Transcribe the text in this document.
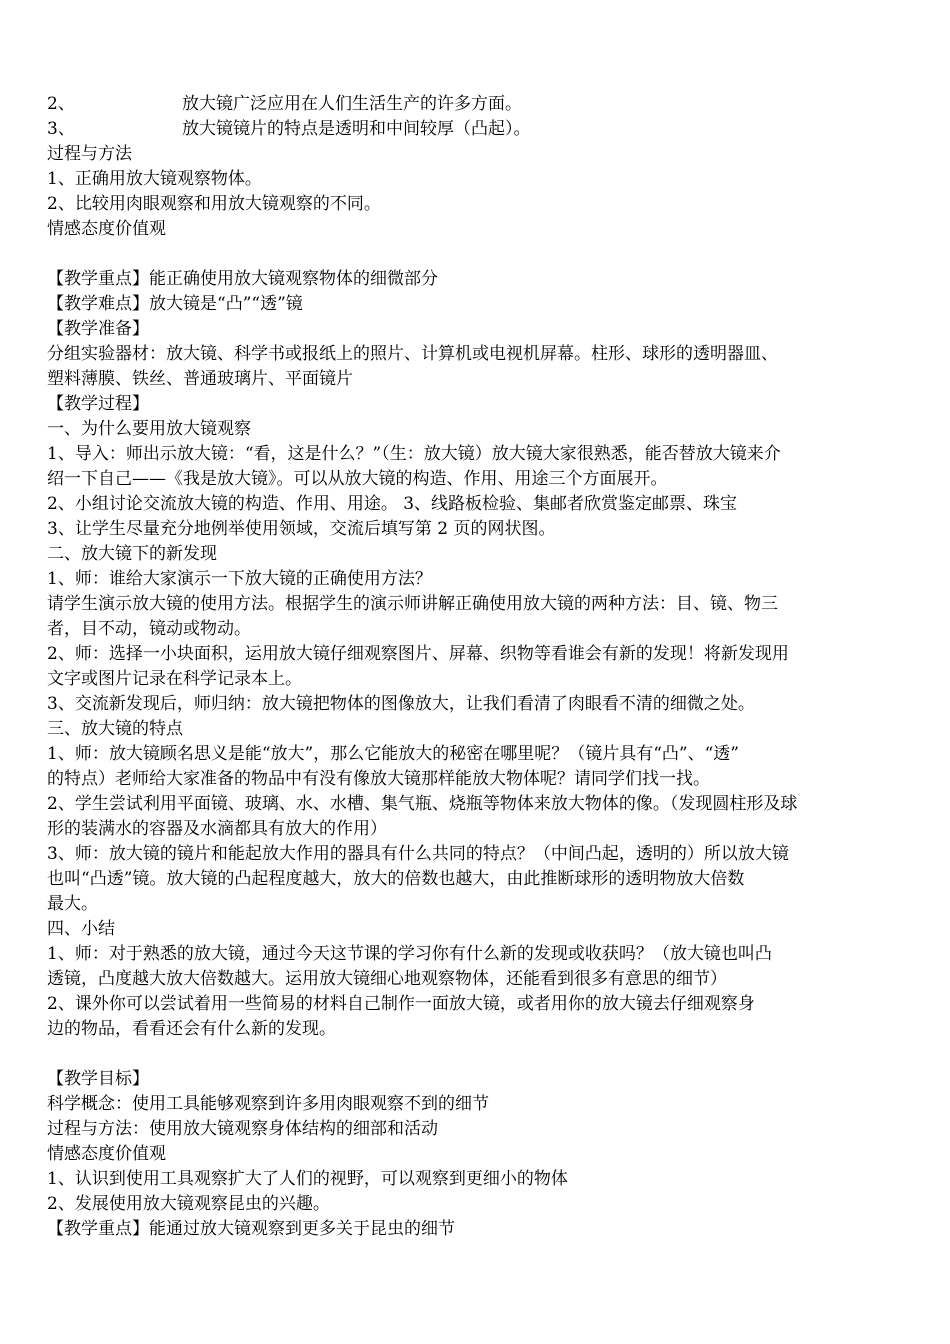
2、	放大镜广泛应用在人们生活生产的许多方面。
3、	放大镜镜片的特点是透明和中间较厚（凸起）。
过程与方法
1、正确用放大镜观察物体。
2、比较用肉眼观察和用放大镜观察的不同。
情感态度价值观
【教学重点】能正确使用放大镜观察物体的细微部分
【教学难点】放大镜是“凸”“透”镜
【教学准备】
分组实验器材：放大镜、科学书或报纸上的照片、计算机或电视机屏幕。柱形、球形的透明器皿、
塑料薄膜、铁丝、普通玻璃片、平面镜片
【教学过程】
一、为什么要用放大镜观察
1、导入：师出示放大镜：“看，这是什么？”（生：放大镜）放大镜大家很熟悉，能否替放大镜来介
绍一下自己——《我是放大镜》。可以从放大镜的构造、作用、用途三个方面展开。
2、小组讨论交流放大镜的构造、作用、用途。 3、线路板检验、集邮者欣赏鉴定邮票、珠宝
3、让学生尽量充分地例举使用领域，交流后填写第 2 页的网状图。
二、放大镜下的新发现
1、师：谁给大家演示一下放大镜的正确使用方法？
请学生演示放大镜的使用方法。根据学生的演示师讲解正确使用放大镜的两种方法：目、镜、物三
者，目不动，镜动或物动。
2、师：选择一小块面积，运用放大镜仔细观察图片、屏幕、织物等看谁会有新的发现！将新发现用
文字或图片记录在科学记录本上。
3、交流新发现后，师归纳：放大镜把物体的图像放大，让我们看清了肉眼看不清的细微之处。
三、放大镜的特点
1、师：放大镜顾名思义是能“放大”，那么它能放大的秘密在哪里呢？（镜片具有“凸”、“透”
的特点）老师给大家准备的物品中有没有像放大镜那样能放大物体呢？请同学们找一找。
2、学生尝试利用平面镜、玻璃、水、水槽、集气瓶、烧瓶等物体来放大物体的像。（发现圆柱形及球
形的装满水的容器及水滴都具有放大的作用）
3、师：放大镜的镜片和能起放大作用的器具有什么共同的特点？（中间凸起，透明的）所以放大镜
也叫“凸透”镜。放大镜的凸起程度越大，放大的倍数也越大，由此推断球形的透明物放大倍数
最大。
四、小结
1、师：对于熟悉的放大镜，通过今天这节课的学习你有什么新的发现或收获吗？（放大镜也叫凸
透镜，凸度越大放大倍数越大。运用放大镜细心地观察物体，还能看到很多有意思的细节）
2、课外你可以尝试着用一些简易的材料自己制作一面放大镜，或者用你的放大镜去仔细观察身
边的物品，看看还会有什么新的发现。
【教学目标】
科学概念：使用工具能够观察到许多用肉眼观察不到的细节
过程与方法：使用放大镜观察身体结构的细部和活动
情感态度价值观
1、认识到使用工具观察扩大了人们的视野，可以观察到更细小的物体
2、发展使用放大镜观察昆虫的兴趣。
【教学重点】能通过放大镜观察到更多关于昆虫的细节
